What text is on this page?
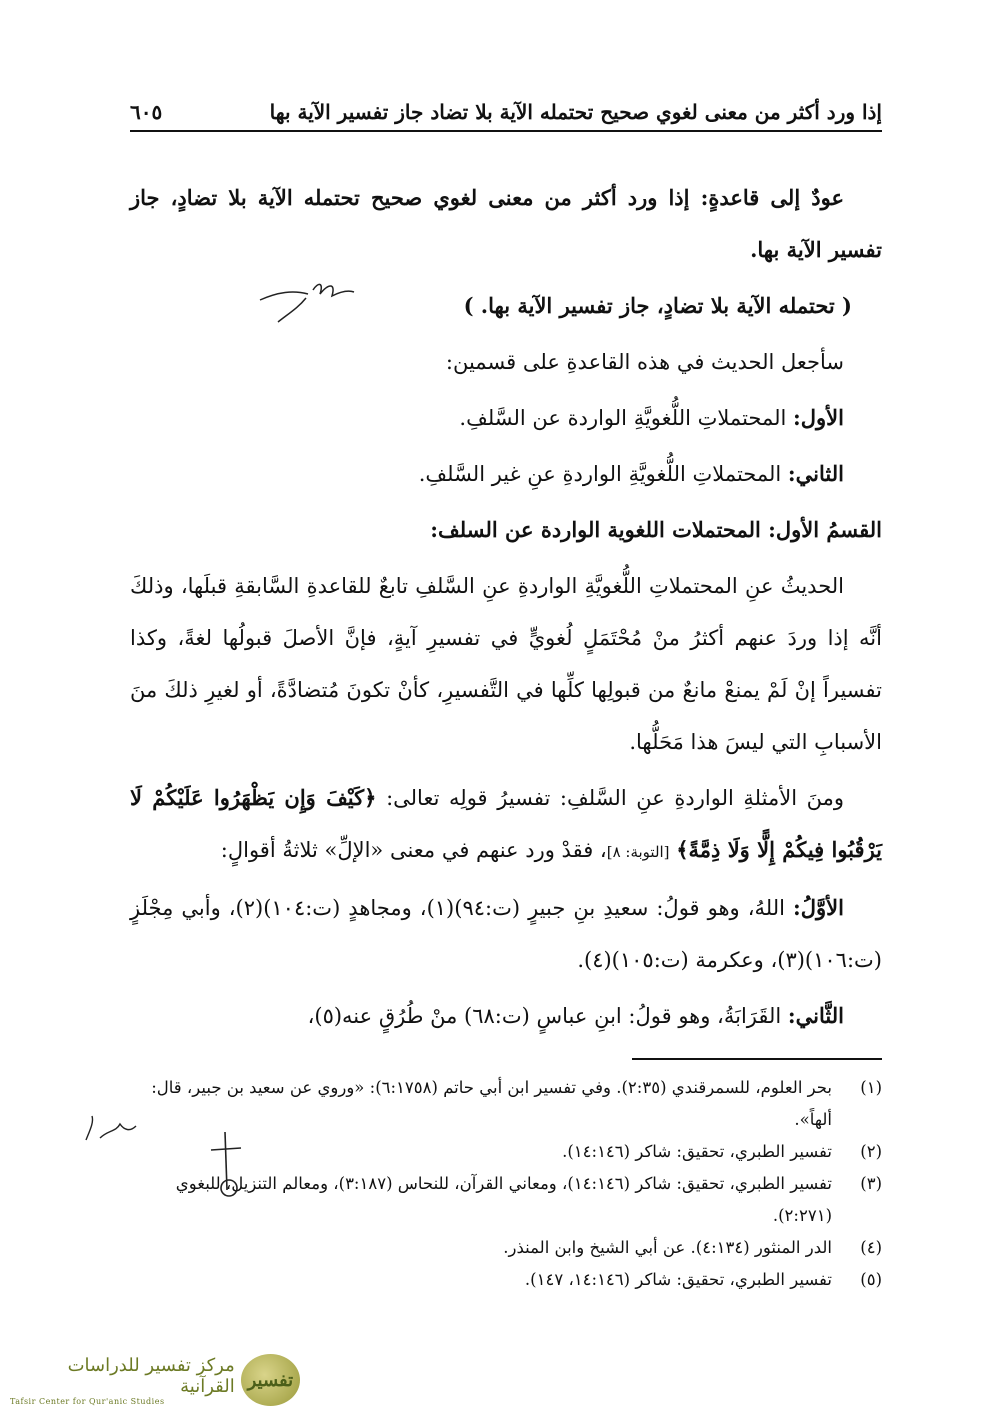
إذا ورد أكثر من معنى لغوي صحيح تحتمله الآية بلا تضاد جاز تفسير الآية بها
٦٠٥

عودٌ إلى قاعدةٍ: إذا ورد أكثر من معنى لغوي صحيح تحتمله الآية بلا تضادٍ، جاز تفسير الآية بها.

( تحتمله الآية بلا تضادٍ، جاز تفسير الآية بها. )

سأجعل الحديث في هذه القاعدةِ على قسمين:

الأول: المحتملاتِ اللُّغويَّةِ الواردة عن السَّلفِ.

الثاني: المحتملاتِ اللُّغويَّةِ الواردةِ عنِ غير السَّلفِ.

القسمُ الأول: المحتملات اللغوية الواردة عن السلف:

الحديثُ عنِ المحتملاتِ اللُّغويَّةِ الواردةِ عنِ السَّلفِ تابعٌ للقاعدةِ السَّابقةِ قبلَها، وذلكَ أنَّه إذا وردَ عنهم أكثرُ منْ مُحْتَمَلٍ لُغويٍّ في تفسيرِ آيةٍ، فإنَّ الأصلَ قبولُها لغةً، وكذا تفسيراً إنْ لَمْ يمنعْ مانعٌ من قبولِها كلِّها في التَّفسيرِ، كأنْ تكونَ مُتضادَّةً، أو لغيرِ ذلكَ منَ الأسبابِ التي ليسَ هذا مَحَلُّها.

ومنَ الأمثلةِ الواردةِ عنِ السَّلفِ: تفسيرُ قولِه تعالى: ﴿كَيْفَ وَإِن يَظْهَرُوا عَلَيْكُمْ لَا يَرْقُبُوا فِيكُمْ إِلًّا وَلَا ذِمَّةً﴾ [التوبة: ٨]، فقدْ ورد عنهم في معنى «الإلِّ» ثلاثةُ أقوالٍ:

الأوَّلُ: اللهُ، وهو قولُ: سعيدِ بنِ جبيرٍ (ت:٩٤)(١)، ومجاهدٍ (ت:١٠٤)(٢)، وأبي مِجْلَزٍ (ت:١٠٦)(٣)، وعكرمة (ت:١٠٥)(٤).

الثَّاني: القَرَابَةُ، وهو قولُ: ابنِ عباسٍ (ت:٦٨) منْ طُرُقٍ عنه(٥)،

(١)
بحر العلوم، للسمرقندي (٢:٣٥). وفي تفسير ابن أبي حاتم (٦:١٧٥٨): «وروي عن سعيد بن جبير، قال: ألهاً».
(٢)
تفسير الطبري، تحقيق: شاكر (١٤:١٤٦).
(٣)
تفسير الطبري، تحقيق: شاكر (١٤:١٤٦)، ومعاني القرآن، للنحاس (٣:١٨٧)، ومعالم التنزيل، للبغوي (٢:٢٧١).
(٤)
الدر المنثور (٤:١٣٤). عن أبي الشيخ وابن المنذر.
(٥)
تفسير الطبري، تحقيق: شاكر (١٤:١٤٦، ١٤٧).
مركز تفسير للدراسات القرآنية
Tafsir Center for Qur'anic Studies
تفسير
